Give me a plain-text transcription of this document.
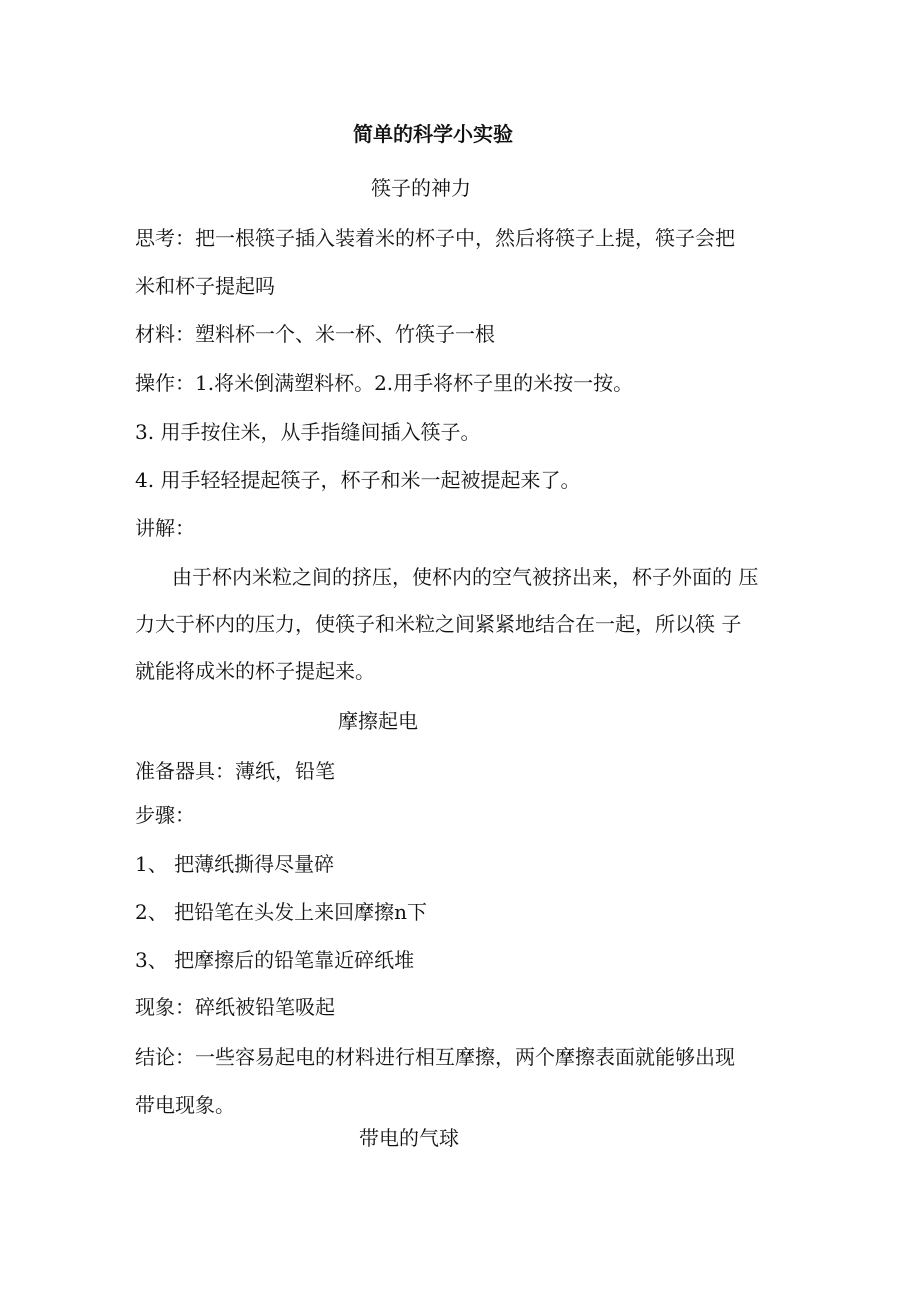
简单的科学小实验

筷子的神力

思考：把一根筷子插入装着米的杯子中，然后将筷子上提，筷子会把

米和杯子提起吗

材料：塑料杯一个、米一杯、竹筷子一根

操作：1.将米倒满塑料杯。2.用手将杯子里的米按一按。

3. 用手按住米，从手指缝间插入筷子。

4. 用手轻轻提起筷子，杯子和米一起被提起来了。

讲解：

由于杯内米粒之间的挤压，使杯内的空气被挤出来，杯子外面的 压

力大于杯内的压力，使筷子和米粒之间紧紧地结合在一起，所以筷 子

就能将成米的杯子提起来。

摩擦起电

准备器具：薄纸，铅笔

步骤：

1、 把薄纸撕得尽量碎

2、 把铅笔在头发上来回摩擦n下

3、 把摩擦后的铅笔靠近碎纸堆

现象：碎纸被铅笔吸起

结论：一些容易起电的材料进行相互摩擦，两个摩擦表面就能够出现

带电现象。

带电的气球
